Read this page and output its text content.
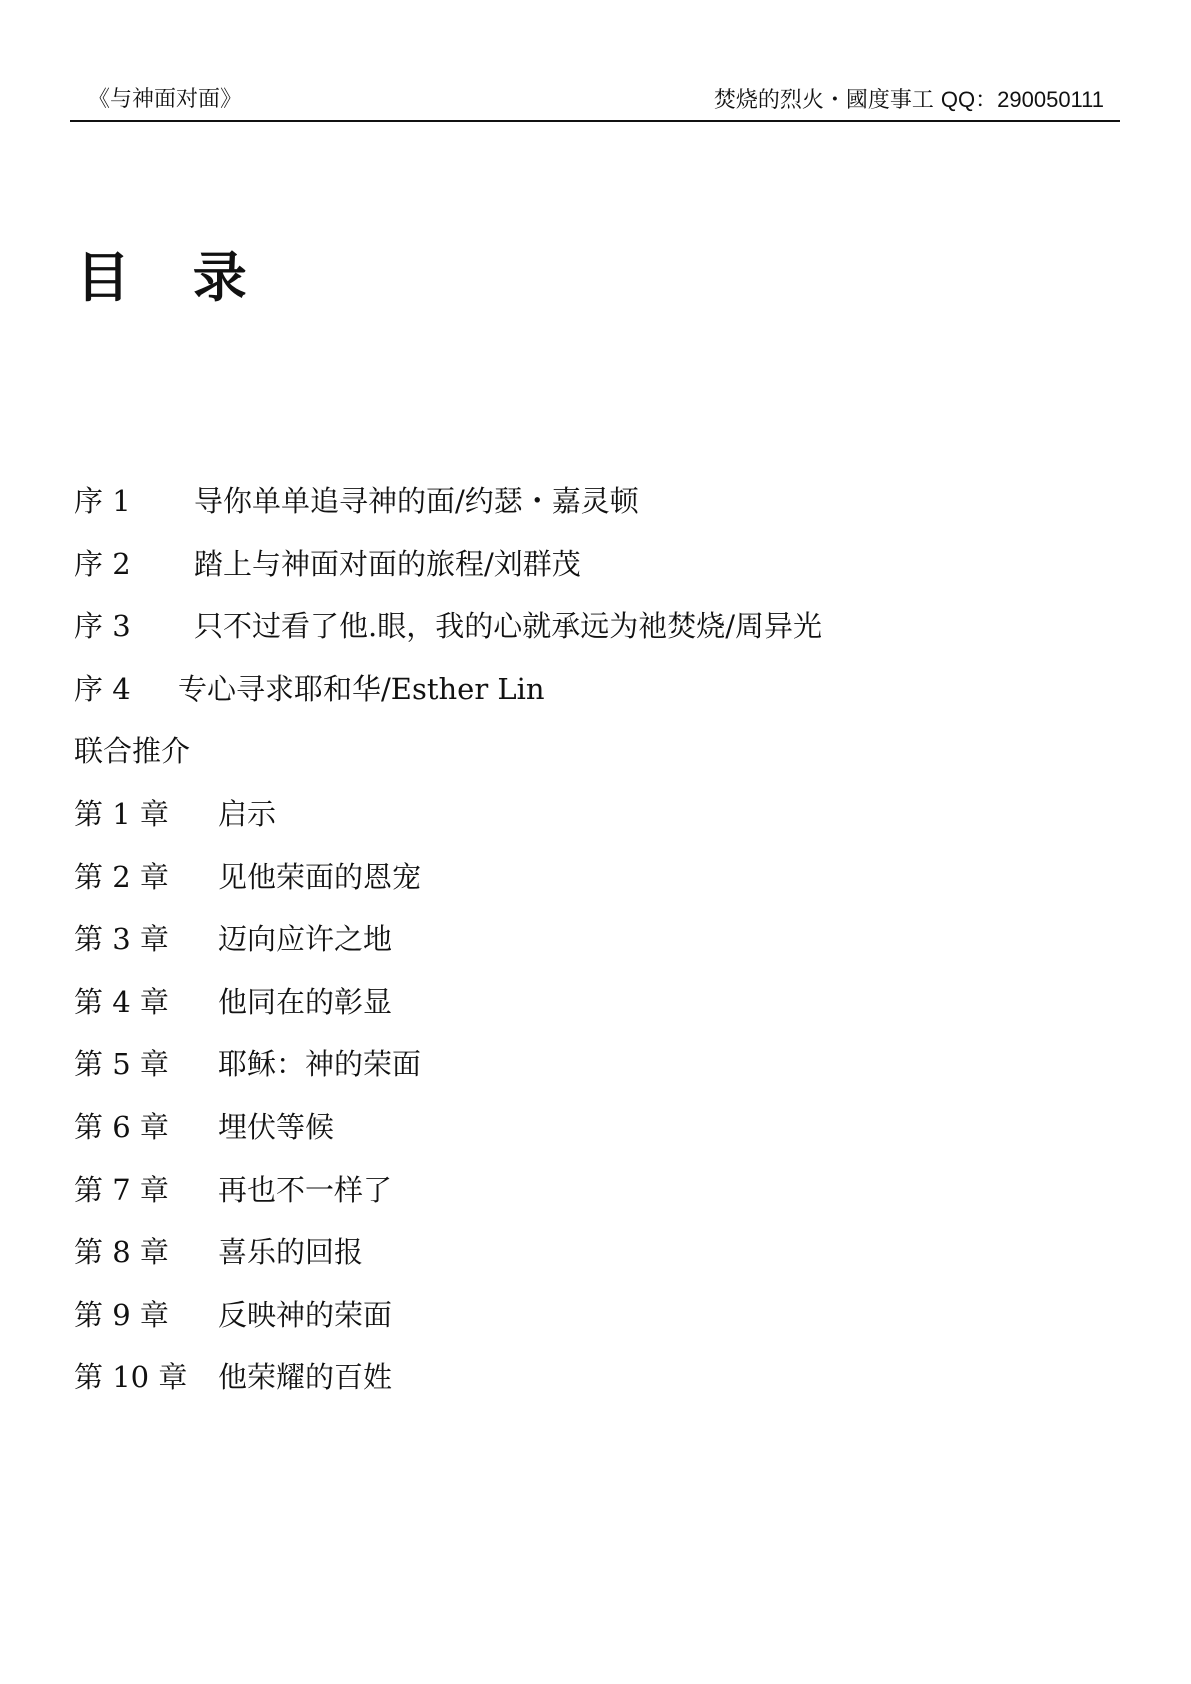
《与神面对面》	焚烧的烈火・國度事工 QQ：290050111
目 录
序 1 导你单单追寻神的面/约瑟・嘉灵顿
序 2 踏上与神面对面的旅程/刘群茂
序 3 只不过看了他.眼，我的心就承远为祂焚烧/周异光
序 4 专心寻求耶和华/Esther Lin
联合推介
第 1 章 启示
第 2 章 见他荣面的恩宠
第 3 章 迈向应许之地
第 4 章 他同在的彰显
第 5 章 耶稣：神的荣面
第 6 章 埋伏等候
第 7 章 再也不一样了
第 8 章 喜乐的回报
第 9 章 反映神的荣面
第 10 章 他荣耀的百姓
